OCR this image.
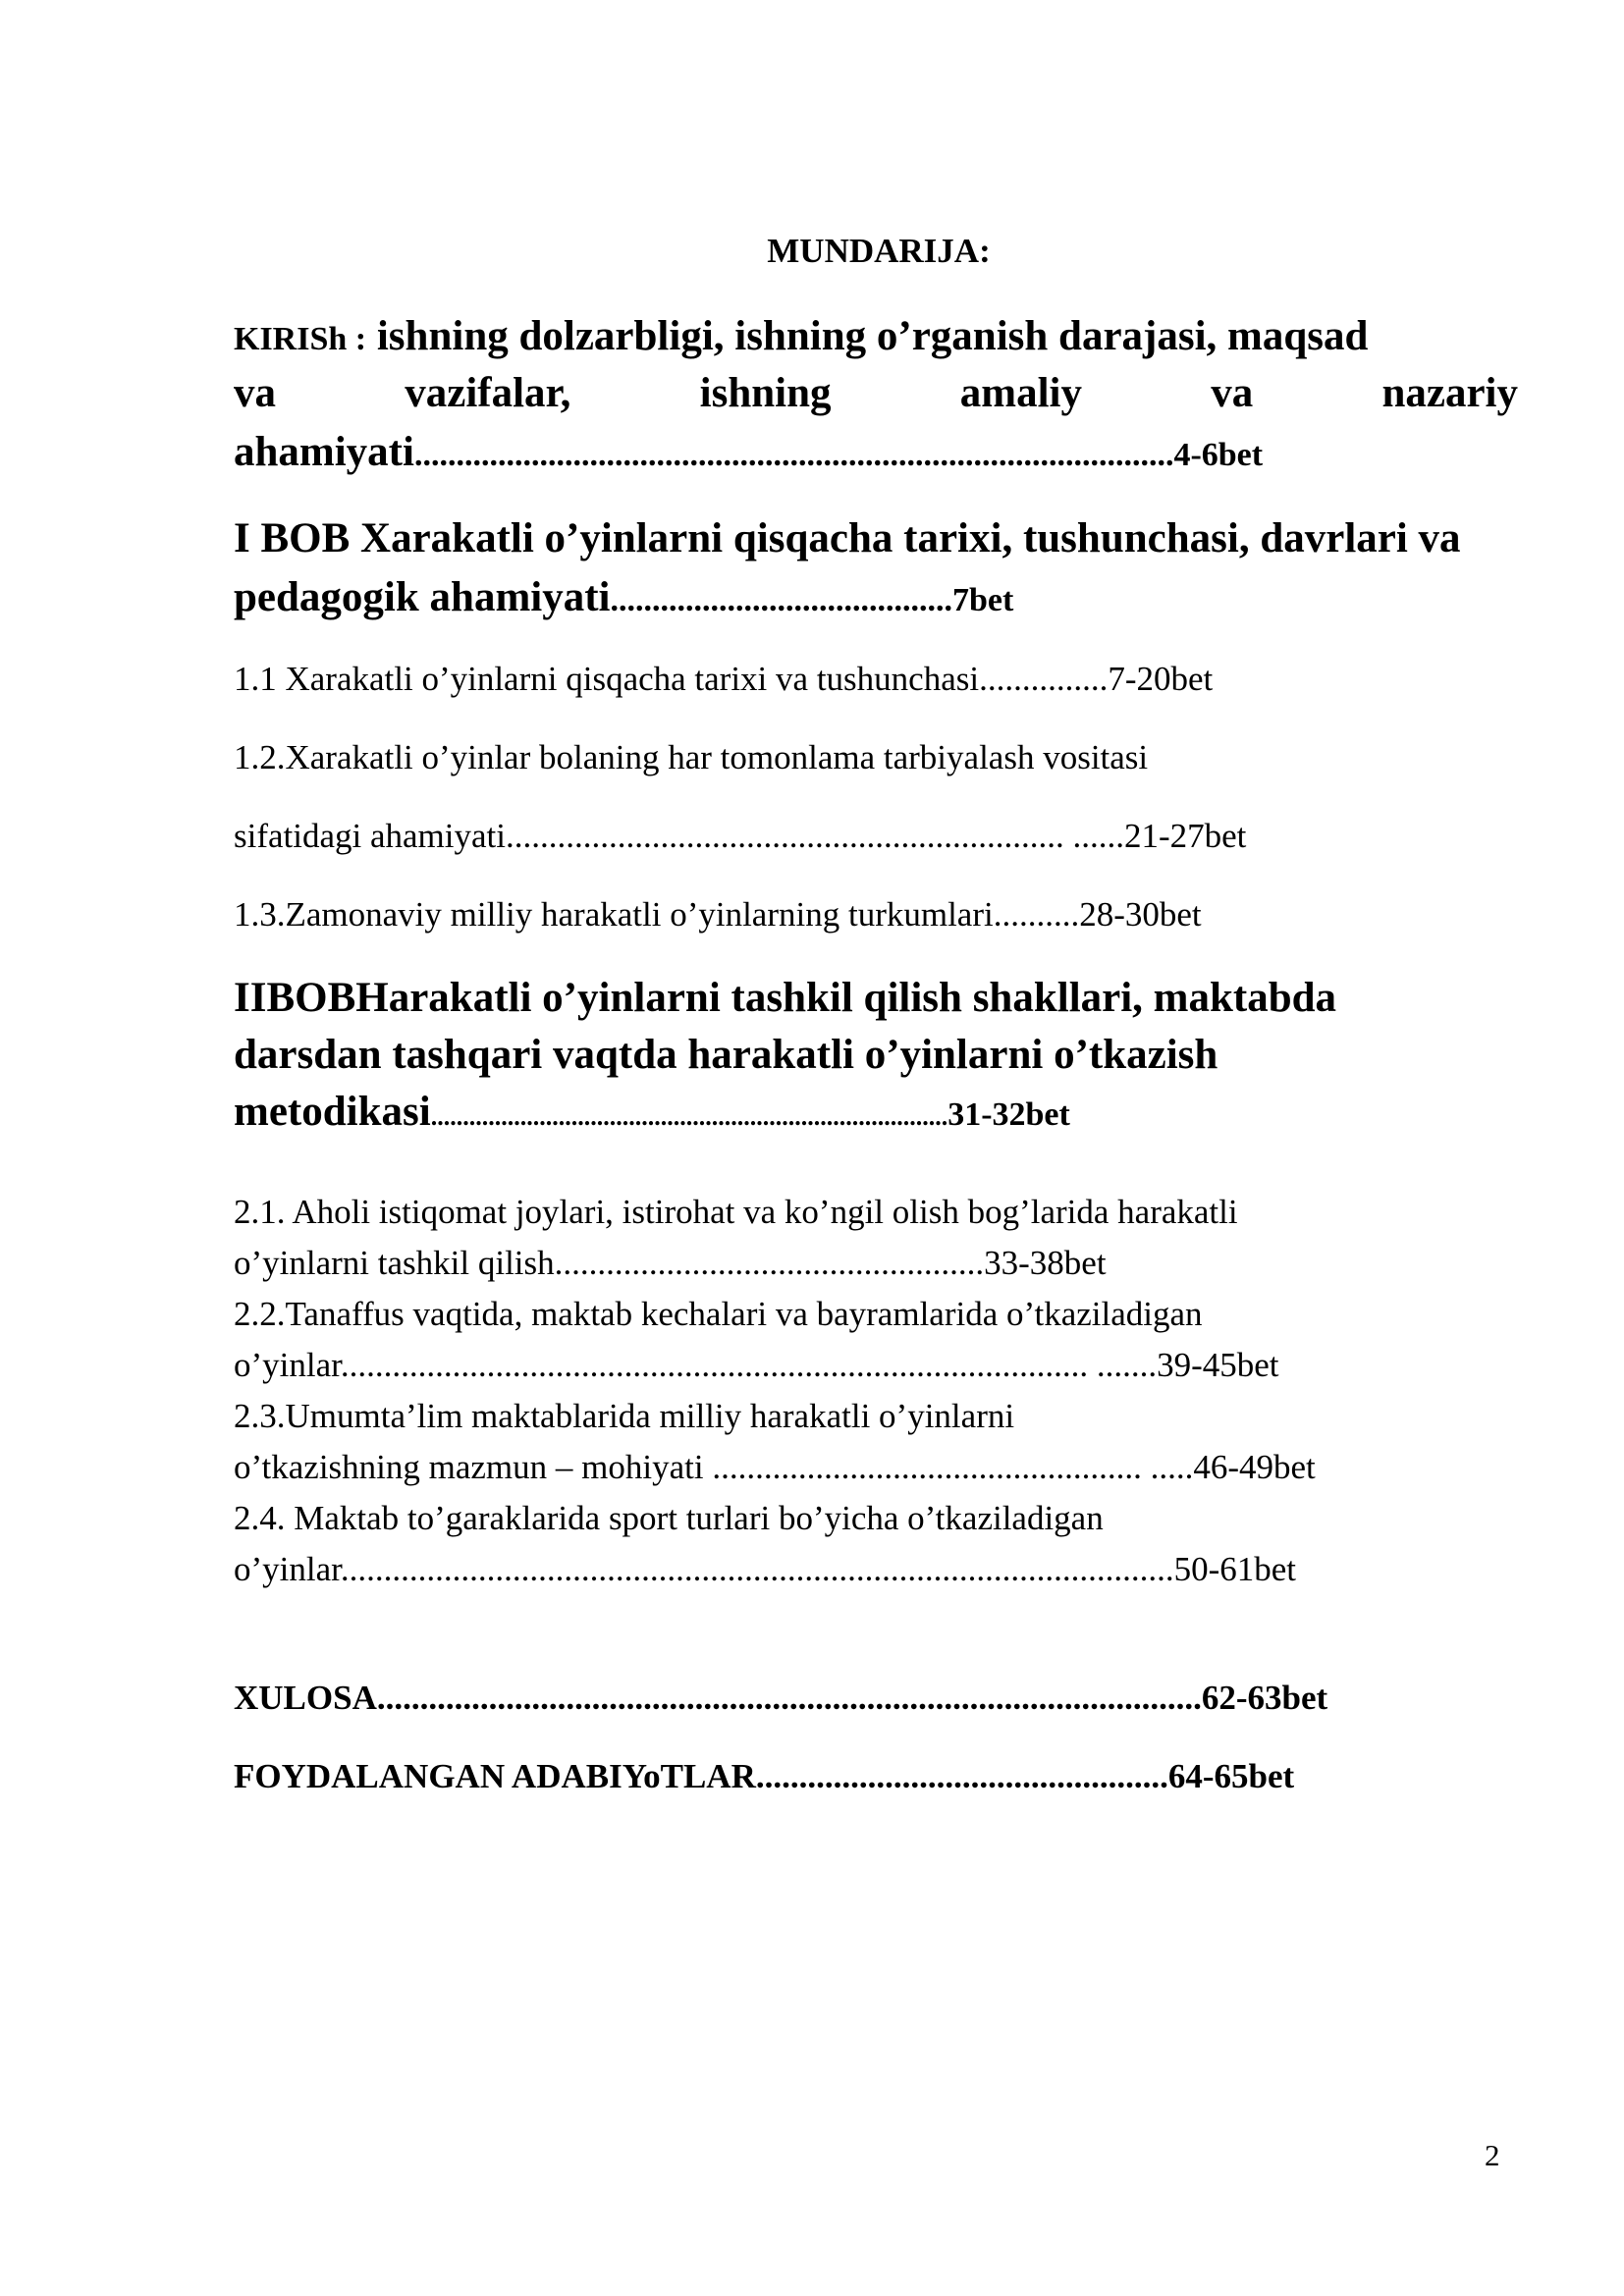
MUNDARIJA:
KIRISh : ishning dolzarbligi, ishning o’rganish darajasi, maqsad
va	vazifalar,	ishning	amaliy	va	nazariy
ahamiyati...........................................................................................4-6bet
I BOB Xarakatli o’yinlarni qisqacha tarixi, tushunchasi, davrlari va
pedagogik ahamiyati.........................................7bet
1.1 Xarakatli o’yinlarni qisqacha tarixi va tushunchasi...............7-20bet
1.2.Xarakatli o’yinlar bolaning har tomonlama tarbiyalash vositasi
sifatidagi ahamiyati................................................................. ......21-27bet
1.3.Zamonaviy milliy harakatli o’yinlarning turkumlari..........28-30bet
IIBOBHarakatli o’yinlarni tashkil qilish shakllari, maktabda
darsdan tashqari vaqtda harakatli o’yinlarni o’tkazish
metodikasi.................................................................................31-32bet
2.1. Aholi istiqomat joylari, istirohat va ko’ngil olish bog’larida harakatli
o’yinlarni tashkil qilish..................................................33-38bet
2.2.Tanaffus vaqtida, maktab kechalari va bayramlarida o’tkaziladigan
o’yinlar....................................................................................... .......39-45bet
2.3.Umumta’lim maktablarida milliy harakatli o’yinlarni
o’tkazishning mazmun – mohiyati .................................................. .....46-49bet
2.4. Maktab to’garaklarida sport turlari bo’yicha o’tkaziladigan
o’yinlar.................................................................................................50-61bet
XULOSA................................................................................................62-63bet
FOYDALANGAN ADABIYoTLAR................................................64-65bet
2
